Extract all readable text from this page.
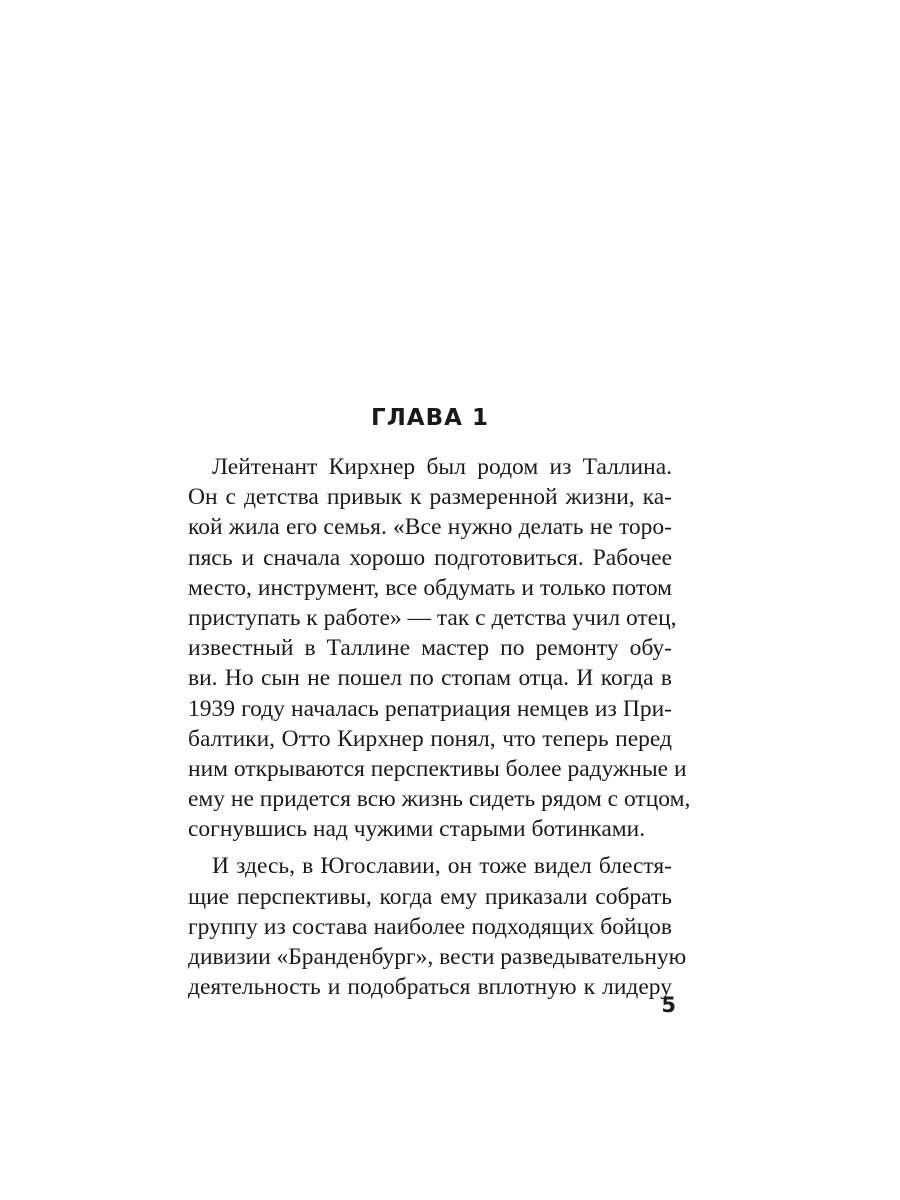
ГЛАВА 1
Лейтенант Кирхнер был родом из Таллина.
Он с детства привык к размеренной жизни, ка-
кой жила его семья. «Все нужно делать не торо-
пясь и сначала хорошо подготовиться. Рабочее
место, инструмент, все обдумать и только потом
приступать к работе» — так с детства учил отец,
известный в Таллине мастер по ремонту обу-
ви. Но сын не пошел по стопам отца. И когда в
1939 году началась репатриация немцев из При-
балтики, Отто Кирхнер понял, что теперь перед
ним открываются перспективы более радужные и
ему не придется всю жизнь сидеть рядом с отцом,
согнувшись над чужими старыми ботинками.
И здесь, в Югославии, он тоже видел блестя-
щие перспективы, когда ему приказали собрать
группу из состава наиболее подходящих бойцов
дивизии «Бранденбург», вести разведывательную
деятельность и подобраться вплотную к лидеру
5
